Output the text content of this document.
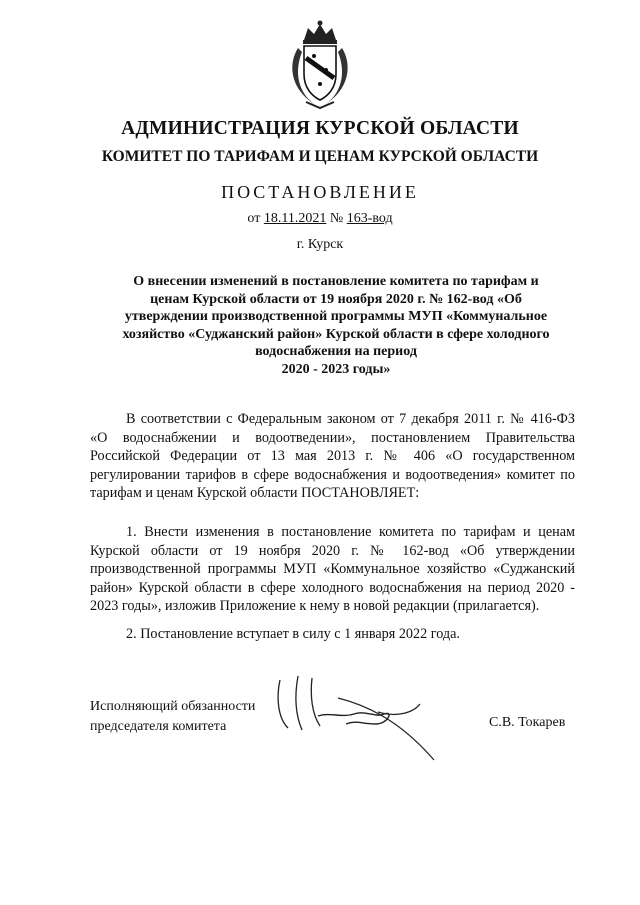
АДМИНИСТРАЦИЯ КУРСКОЙ ОБЛАСТИ
КОМИТЕТ ПО ТАРИФАМ И ЦЕНАМ КУРСКОЙ ОБЛАСТИ
ПОСТАНОВЛЕНИЕ
от 18.11.2021 № 163-вод
г. Курск
О внесении изменений в постановление комитета по тарифам и
ценам Курской области от 19 ноября 2020 г. № 162-вод «Об
утверждении производственной программы МУП «Коммунальное
хозяйство «Суджанский район» Курской области в сфере холодного
водоснабжения на период
2020 - 2023 годы»
В соответствии с Федеральным законом от 7 декабря 2011 г. № 416-ФЗ «О водоснабжении и водоотведении», постановлением Правительства Российской Федерации от 13 мая 2013 г. № 406 «О государственном регулировании тарифов в сфере водоснабжения и водоотведения» комитет по тарифам и ценам Курской области ПОСТАНОВЛЯЕТ:
1. Внести изменения в постановление комитета по тарифам и ценам Курской области от 19 ноября 2020 г. № 162-вод «Об утверждении производственной программы МУП «Коммунальное хозяйство «Суджанский район» Курской области в сфере холодного водоснабжения на период 2020 - 2023 годы», изложив Приложение к нему в новой редакции (прилагается).
2. Постановление вступает в силу с 1 января 2022 года.
Исполняющий обязанности
председателя комитета	С.В. Токарев
